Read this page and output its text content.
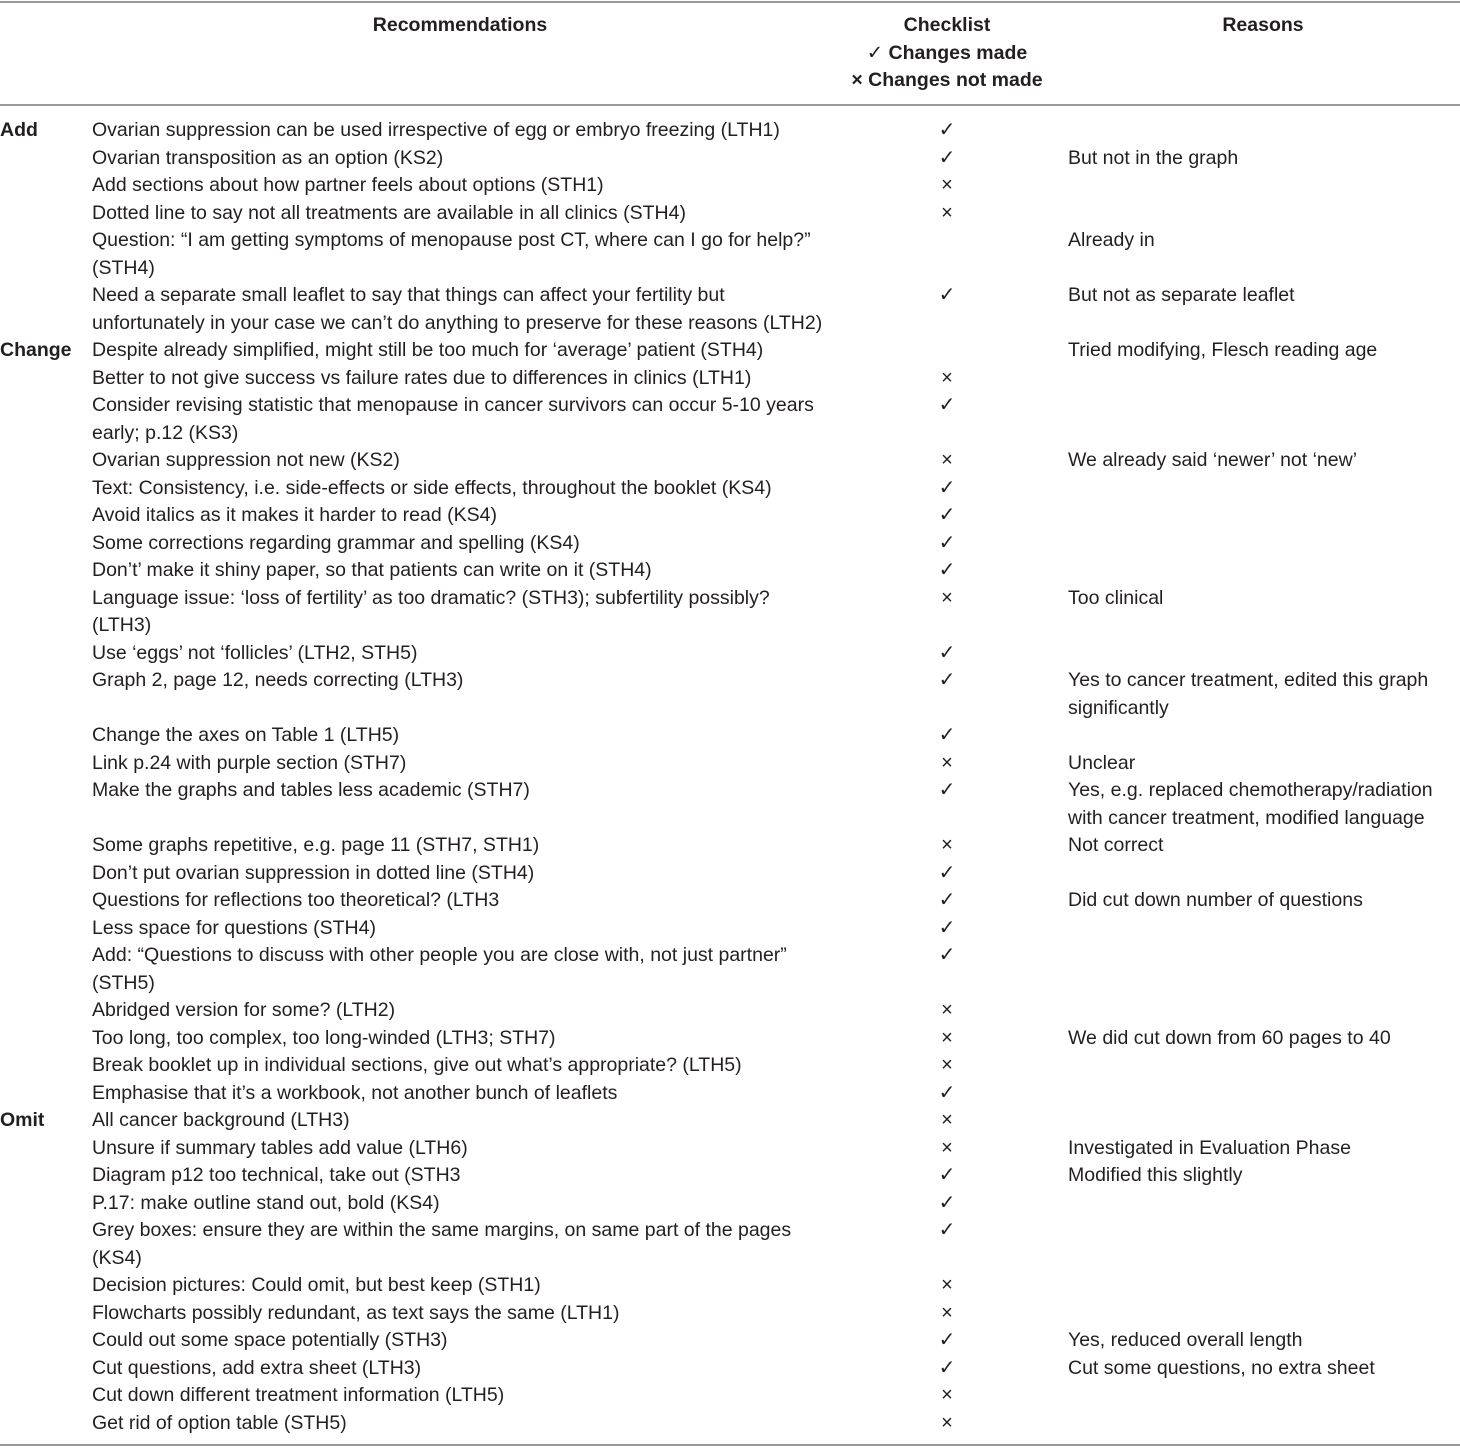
Recommendations	Checklist
✓ Changes made
× Changes not made
Reasons
Add	Ovarian suppression can be used irrespective of egg or embryo freezing (LTH1)	✓	
	Ovarian transposition as an option (KS2)	✓	But not in the graph
	Add sections about how partner feels about options (STH1)	×	
	Dotted line to say not all treatments are available in all clinics (STH4)	×	
	Question: “I am getting symptoms of menopause post CT, where can I go for help?”
(STH4)		Already in
	Need a separate small leaflet to say that things can affect your fertility but
unfortunately in your case we can’t do anything to preserve for these reasons (LTH2)	✓	But not as separate leaflet
Change	Despite already simplified, might still be too much for ‘average’ patient (STH4)		Tried modifying, Flesch reading age
	Better to not give success vs failure rates due to differences in clinics (LTH1)	×	
	Consider revising statistic that menopause in cancer survivors can occur 5-10 years
early; p.12 (KS3)	✓	
	Ovarian suppression not new (KS2)	×	We already said ‘newer’ not ‘new’
	Text: Consistency, i.e. side-effects or side effects, throughout the booklet (KS4)	✓	
	Avoid italics as it makes it harder to read (KS4)	✓	
	Some corrections regarding grammar and spelling (KS4)	✓	
	Don’t’ make it shiny paper, so that patients can write on it (STH4)	✓	
	Language issue: ‘loss of fertility’ as too dramatic? (STH3); subfertility possibly?
(LTH3)	×	Too clinical
	Use ‘eggs’ not ‘follicles’ (LTH2, STH5)	✓	
	Graph 2, page 12, needs correcting (LTH3)	✓	Yes to cancer treatment, edited this graph
significantly
	Change the axes on Table 1 (LTH5)	✓	
	Link p.24 with purple section (STH7)	×	Unclear
	Make the graphs and tables less academic (STH7)	✓	Yes, e.g. replaced chemotherapy/radiation
with cancer treatment, modified language
	Some graphs repetitive, e.g. page 11 (STH7, STH1)	×	Not correct
	Don’t put ovarian suppression in dotted line (STH4)	✓	
	Questions for reflections too theoretical? (LTH3	✓	Did cut down number of questions
	Less space for questions (STH4)	✓	
	Add: “Questions to discuss with other people you are close with, not just partner”
(STH5)	✓	
	Abridged version for some? (LTH2)	×	
	Too long, too complex, too long-winded (LTH3; STH7)	×	We did cut down from 60 pages to 40
	Break booklet up in individual sections, give out what’s appropriate? (LTH5)	×	
	Emphasise that it’s a workbook, not another bunch of leaflets	✓	
Omit	All cancer background (LTH3)	×	
	Unsure if summary tables add value (LTH6)	×	Investigated in Evaluation Phase
	Diagram p12 too technical, take out (STH3	✓	Modified this slightly
	P.17: make outline stand out, bold (KS4)	✓	
	Grey boxes: ensure they are within the same margins, on same part of the pages
(KS4)	✓	
	Decision pictures: Could omit, but best keep (STH1)	×	
	Flowcharts possibly redundant, as text says the same (LTH1)	×	
	Could out some space potentially (STH3)	✓	Yes, reduced overall length
	Cut questions, add extra sheet (LTH3)	✓	Cut some questions, no extra sheet
	Cut down different treatment information (LTH5)	×	
	Get rid of option table (STH5)	×	
